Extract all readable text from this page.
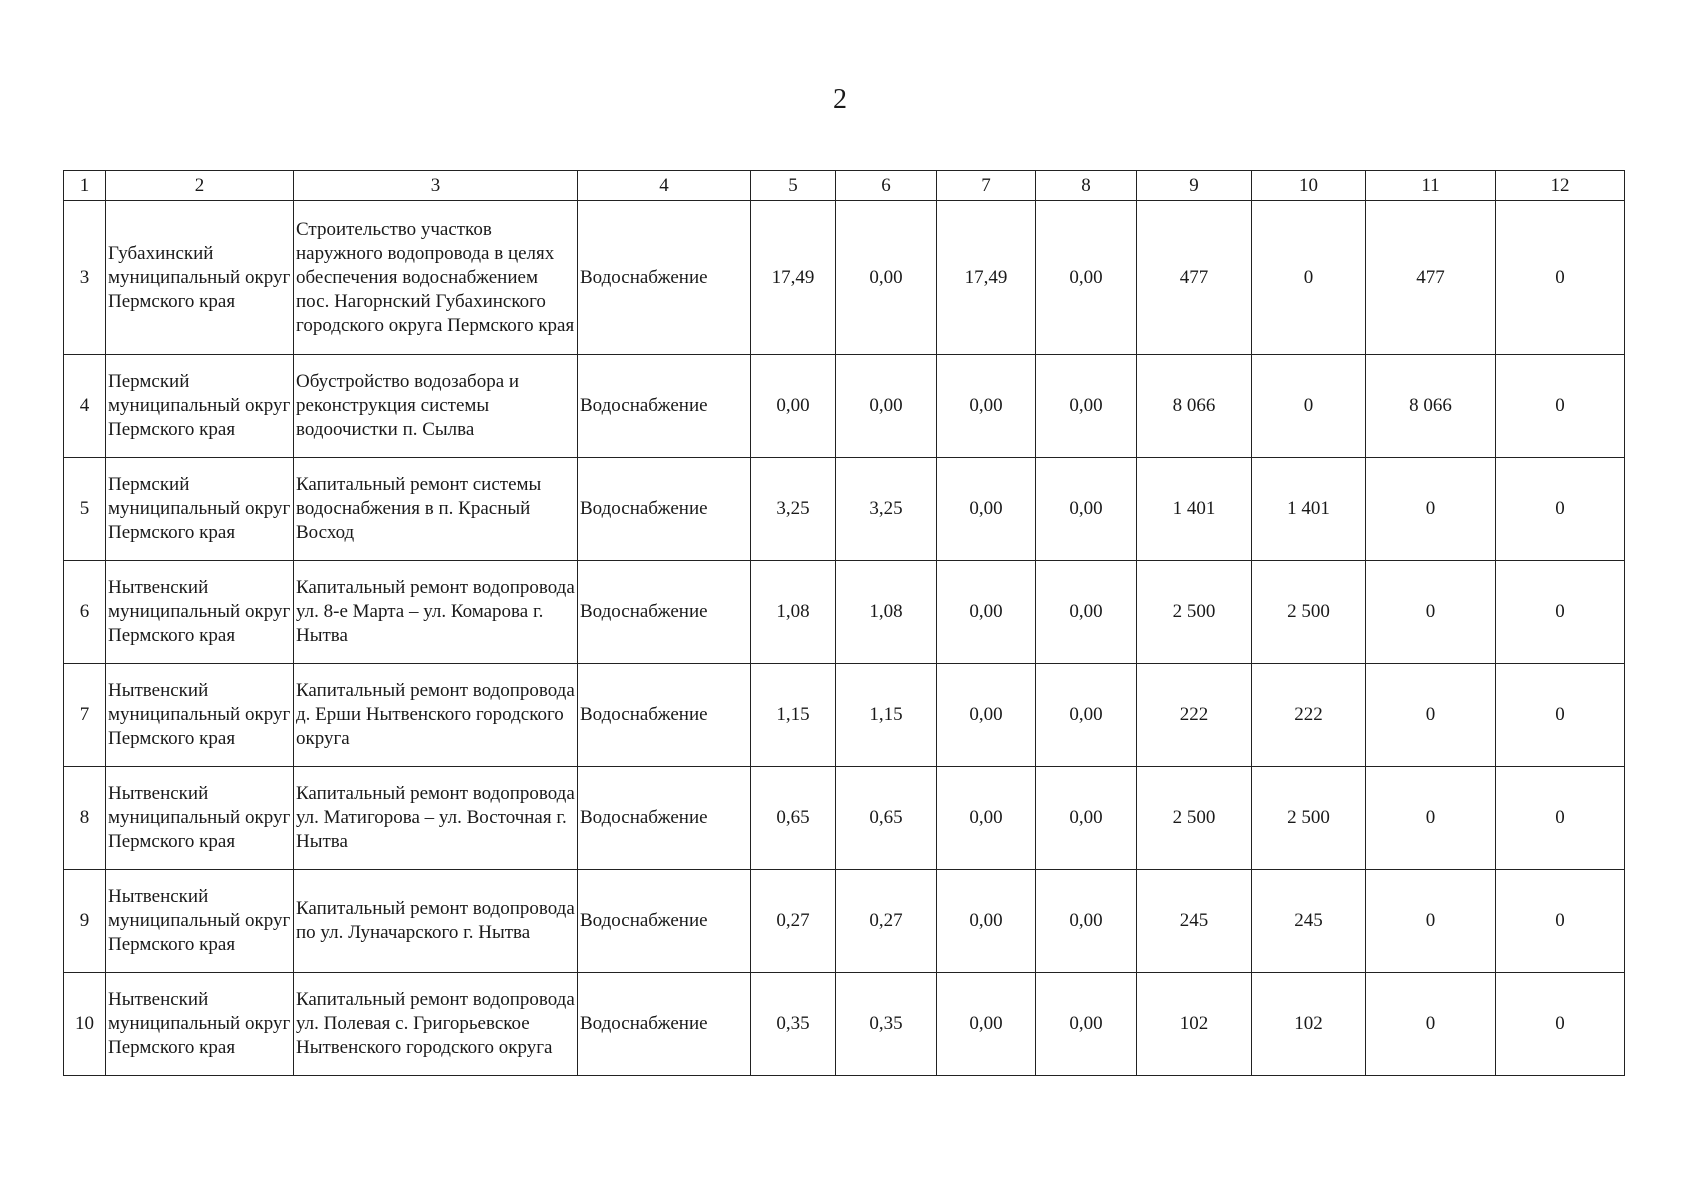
2
1	2	3	4	5	6	7	8	9	10	11	12
3	Губахинский муниципальный округ Пермского края	Строительство участков наружного водопровода в целях обеспечения водоснабжением пос. Нагорнский Губахинского городского округа Пермского края	Водоснабжение	17,49	0,00	17,49	0,00	477	0	477	0
4	Пермский муниципальный округ Пермского края	Обустройство водозабора и реконструкция системы водоочистки п. Сылва	Водоснабжение	0,00	0,00	0,00	0,00	8 066	0	8 066	0
5	Пермский муниципальный округ Пермского края	Капитальный ремонт системы водоснабжения в п. Красный Восход	Водоснабжение	3,25	3,25	0,00	0,00	1 401	1 401	0	0
6	Нытвенский муниципальный округ Пермского края	Капитальный ремонт водопровода ул. 8-е Марта – ул. Комарова г. Нытва	Водоснабжение	1,08	1,08	0,00	0,00	2 500	2 500	0	0
7	Нытвенский муниципальный округ Пермского края	Капитальный ремонт водопровода д. Ерши Нытвенского городского округа	Водоснабжение	1,15	1,15	0,00	0,00	222	222	0	0
8	Нытвенский муниципальный округ Пермского края	Капитальный ремонт водопровода ул. Матигорова – ул. Восточная г. Нытва	Водоснабжение	0,65	0,65	0,00	0,00	2 500	2 500	0	0
9	Нытвенский муниципальный округ Пермского края	Капитальный ремонт водопровода по ул. Луначарского г. Нытва	Водоснабжение	0,27	0,27	0,00	0,00	245	245	0	0
10	Нытвенский муниципальный округ Пермского края	Капитальный ремонт водопровода ул. Полевая с. Григорьевское Нытвенского городского округа	Водоснабжение	0,35	0,35	0,00	0,00	102	102	0	0
